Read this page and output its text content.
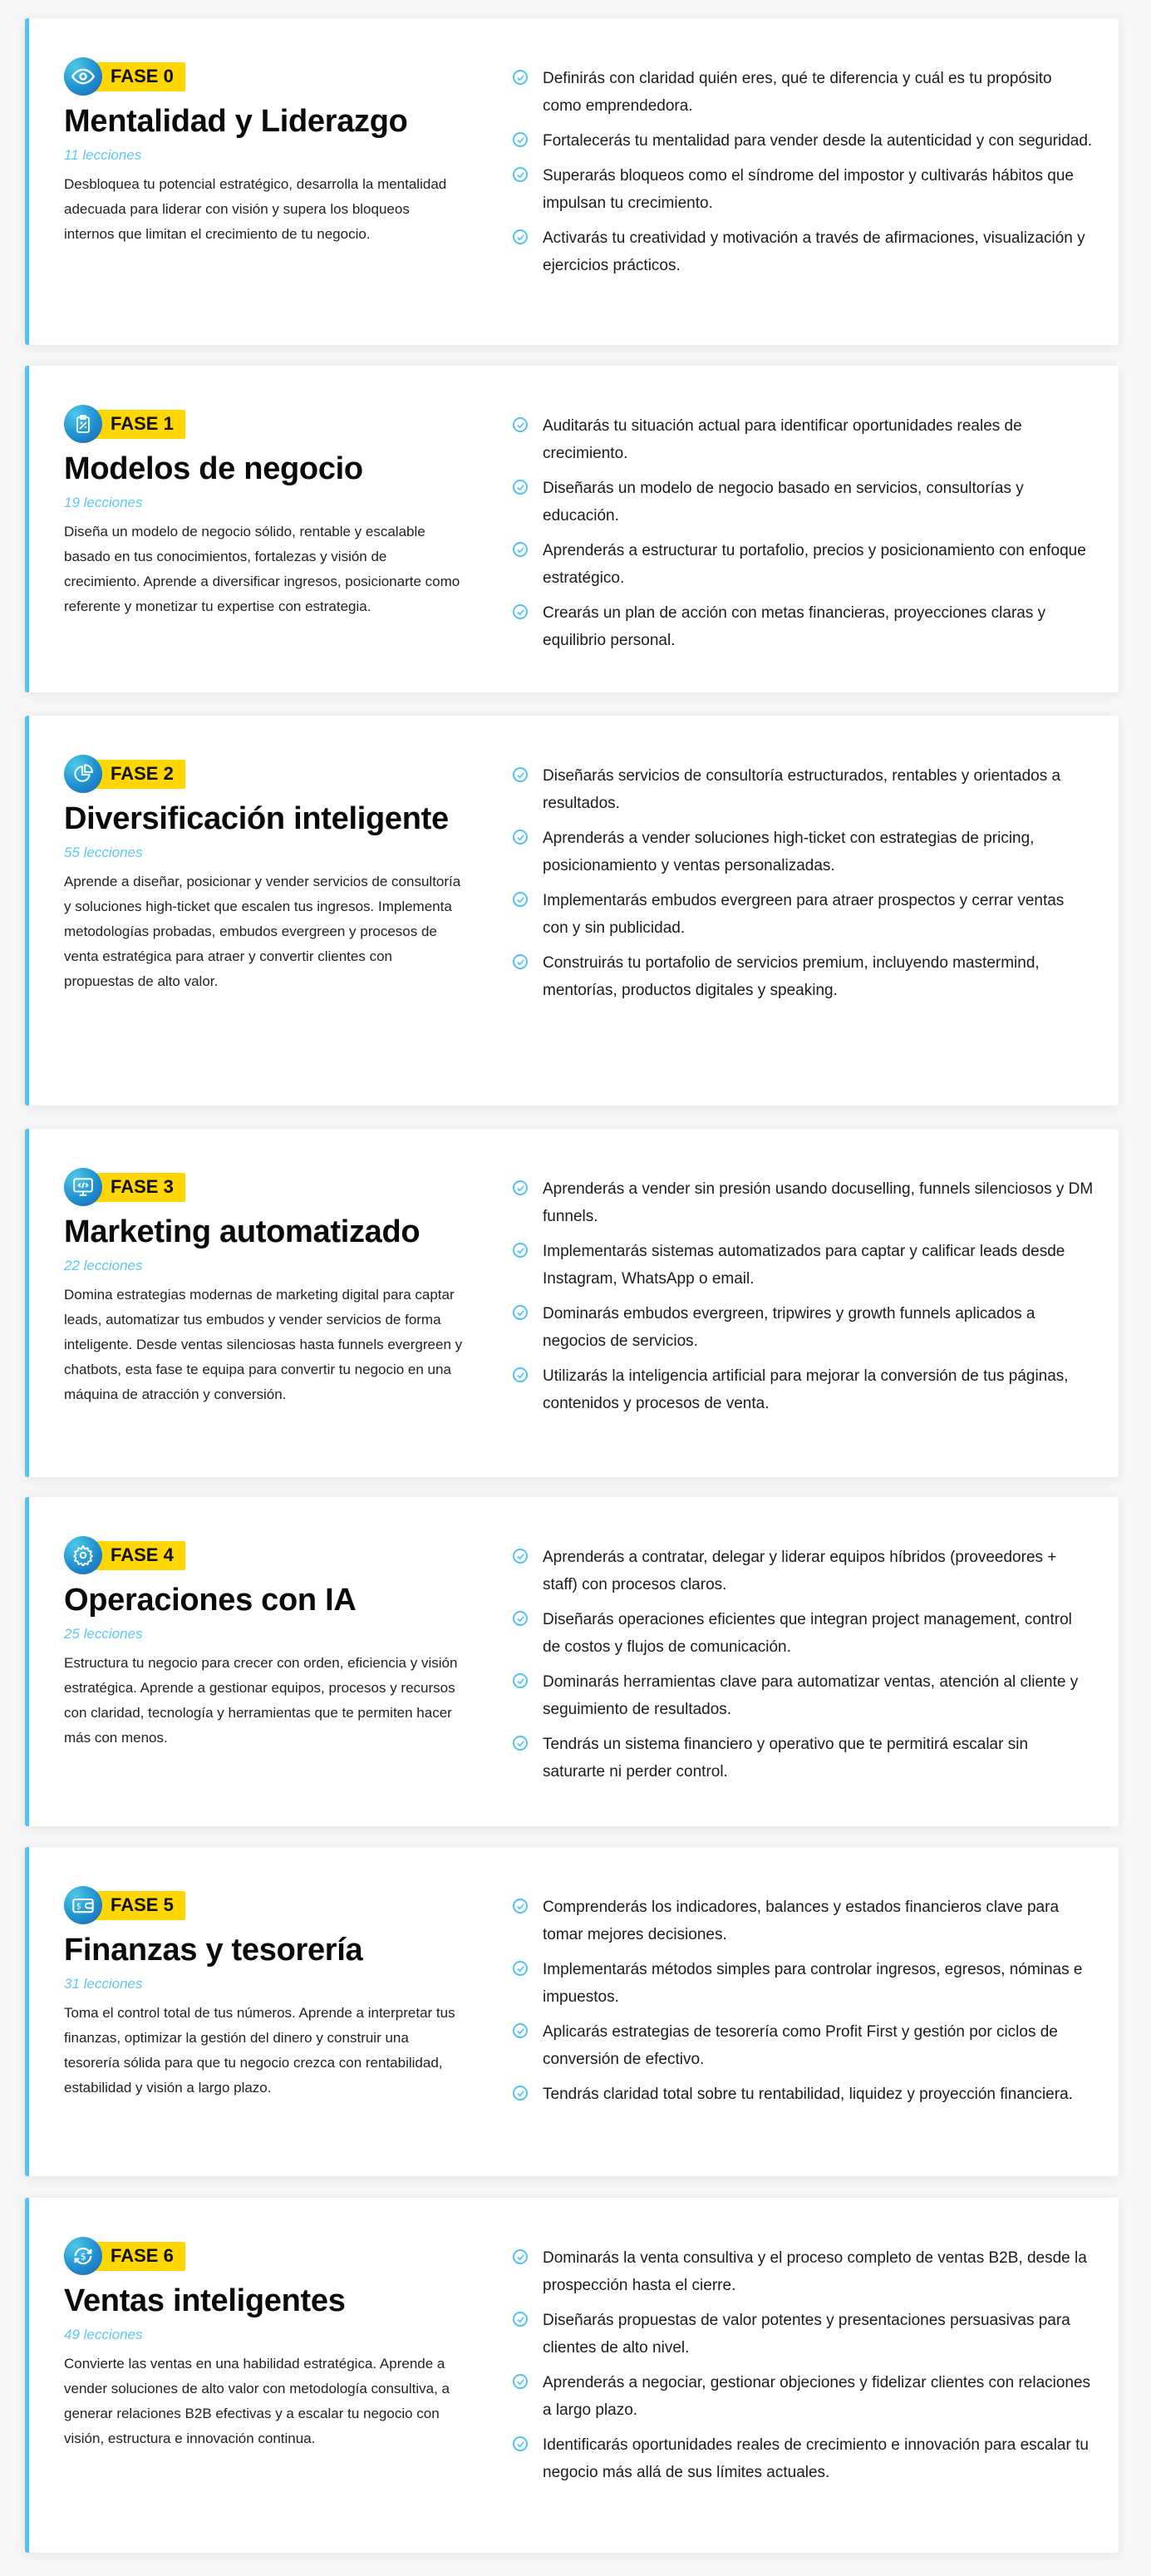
FASE 0
Mentalidad y Liderazgo
11 lecciones

Desbloquea tu potencial estratégico, desarrolla la mentalidad adecuada para liderar con visión y supera los bloqueos internos que limitan el crecimiento de tu negocio.

Definirás con claridad quién eres, qué te diferencia y cuál es tu propósito como emprendedora.
Fortalecerás tu mentalidad para vender desde la autenticidad y con seguridad.
Superarás bloqueos como el síndrome del impostor y cultivarás hábitos que impulsan tu crecimiento.
Activarás tu creatividad y motivación a través de afirmaciones, visualización y ejercicios prácticos.
FASE 1
Modelos de negocio
19 lecciones

Diseña un modelo de negocio sólido, rentable y escalable basado en tus conocimientos, fortalezas y visión de crecimiento. Aprende a diversificar ingresos, posicionarte como referente y monetizar tu expertise con estrategia.

Auditarás tu situación actual para identificar oportunidades reales de crecimiento.
Diseñarás un modelo de negocio basado en servicios, consultorías y educación.
Aprenderás a estructurar tu portafolio, precios y posicionamiento con enfoque estratégico.
Crearás un plan de acción con metas financieras, proyecciones claras y equilibrio personal.
FASE 2
Diversificación inteligente
55 lecciones

Aprende a diseñar, posicionar y vender servicios de consultoría y soluciones high-ticket que escalen tus ingresos. Implementa metodologías probadas, embudos evergreen y procesos de venta estratégica para atraer y convertir clientes con propuestas de alto valor.

Diseñarás servicios de consultoría estructurados, rentables y orientados a resultados.
Aprenderás a vender soluciones high-ticket con estrategias de pricing, posicionamiento y ventas personalizadas.
Implementarás embudos evergreen para atraer prospectos y cerrar ventas con y sin publicidad.
Construirás tu portafolio de servicios premium, incluyendo mastermind, mentorías, productos digitales y speaking.
FASE 3
Marketing automatizado
22 lecciones

Domina estrategias modernas de marketing digital para captar leads, automatizar tus embudos y vender servicios de forma inteligente. Desde ventas silenciosas hasta funnels evergreen y chatbots, esta fase te equipa para convertir tu negocio en una máquina de atracción y conversión.

Aprenderás a vender sin presión usando docuselling, funnels silenciosos y DM funnels.
Implementarás sistemas automatizados para captar y calificar leads desde Instagram, WhatsApp o email.
Dominarás embudos evergreen, tripwires y growth funnels aplicados a negocios de servicios.
Utilizarás la inteligencia artificial para mejorar la conversión de tus páginas, contenidos y procesos de venta.
FASE 4
Operaciones con IA
25 lecciones

Estructura tu negocio para crecer con orden, eficiencia y visión estratégica. Aprende a gestionar equipos, procesos y recursos con claridad, tecnología y herramientas que te permiten hacer más con menos.

Aprenderás a contratar, delegar y liderar equipos híbridos (proveedores + staff) con procesos claros.
Diseñarás operaciones eficientes que integran project management, control de costos y flujos de comunicación.
Dominarás herramientas clave para automatizar ventas, atención al cliente y seguimiento de resultados.
Tendrás un sistema financiero y operativo que te permitirá escalar sin saturarte ni perder control.
$	FASE 5
Finanzas y tesorería
31 lecciones

Toma el control total de tus números. Aprende a interpretar tus finanzas, optimizar la gestión del dinero y construir una tesorería sólida para que tu negocio crezca con rentabilidad, estabilidad y visión a largo plazo.

Comprenderás los indicadores, balances y estados financieros clave para tomar mejores decisiones.
Implementarás métodos simples para controlar ingresos, egresos, nóminas e impuestos.
Aplicarás estrategias de tesorería como Profit First y gestión por ciclos de conversión de efectivo.
Tendrás claridad total sobre tu rentabilidad, liquidez y proyección financiera.
$	FASE 6
Ventas inteligentes
49 lecciones

Convierte las ventas en una habilidad estratégica. Aprende a vender soluciones de alto valor con metodología consultiva, a generar relaciones B2B efectivas y a escalar tu negocio con visión, estructura e innovación continua.

Dominarás la venta consultiva y el proceso completo de ventas B2B, desde la prospección hasta el cierre.
Diseñarás propuestas de valor potentes y presentaciones persuasivas para clientes de alto nivel.
Aprenderás a negociar, gestionar objeciones y fidelizar clientes con relaciones a largo plazo.
Identificarás oportunidades reales de crecimiento e innovación para escalar tu negocio más allá de sus límites actuales.
